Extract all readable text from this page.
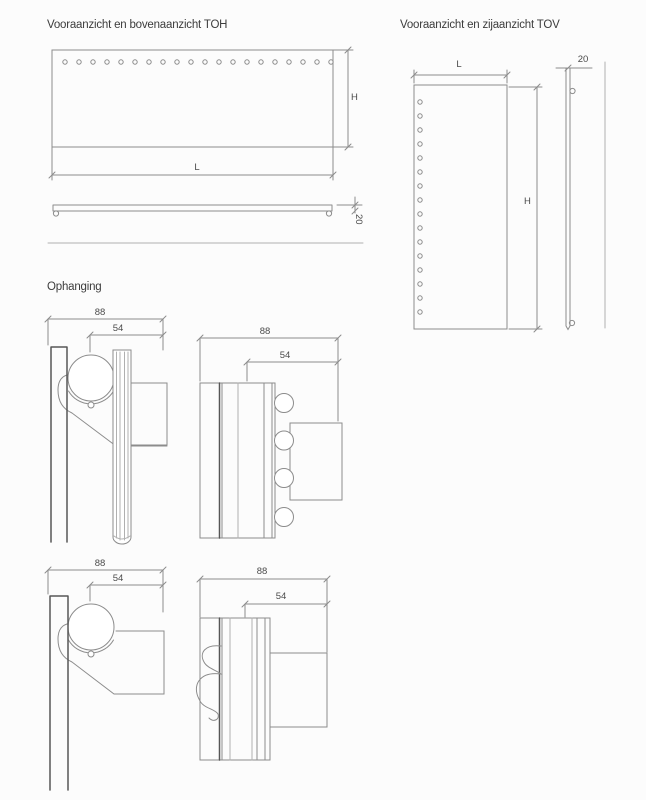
Vooraanzicht en bovenaanzicht TOH	Vooraanzicht en zijaanzicht TOV
Ophanging
H
L
20
L
H
20
88
54	88
54
88
54
88
54
